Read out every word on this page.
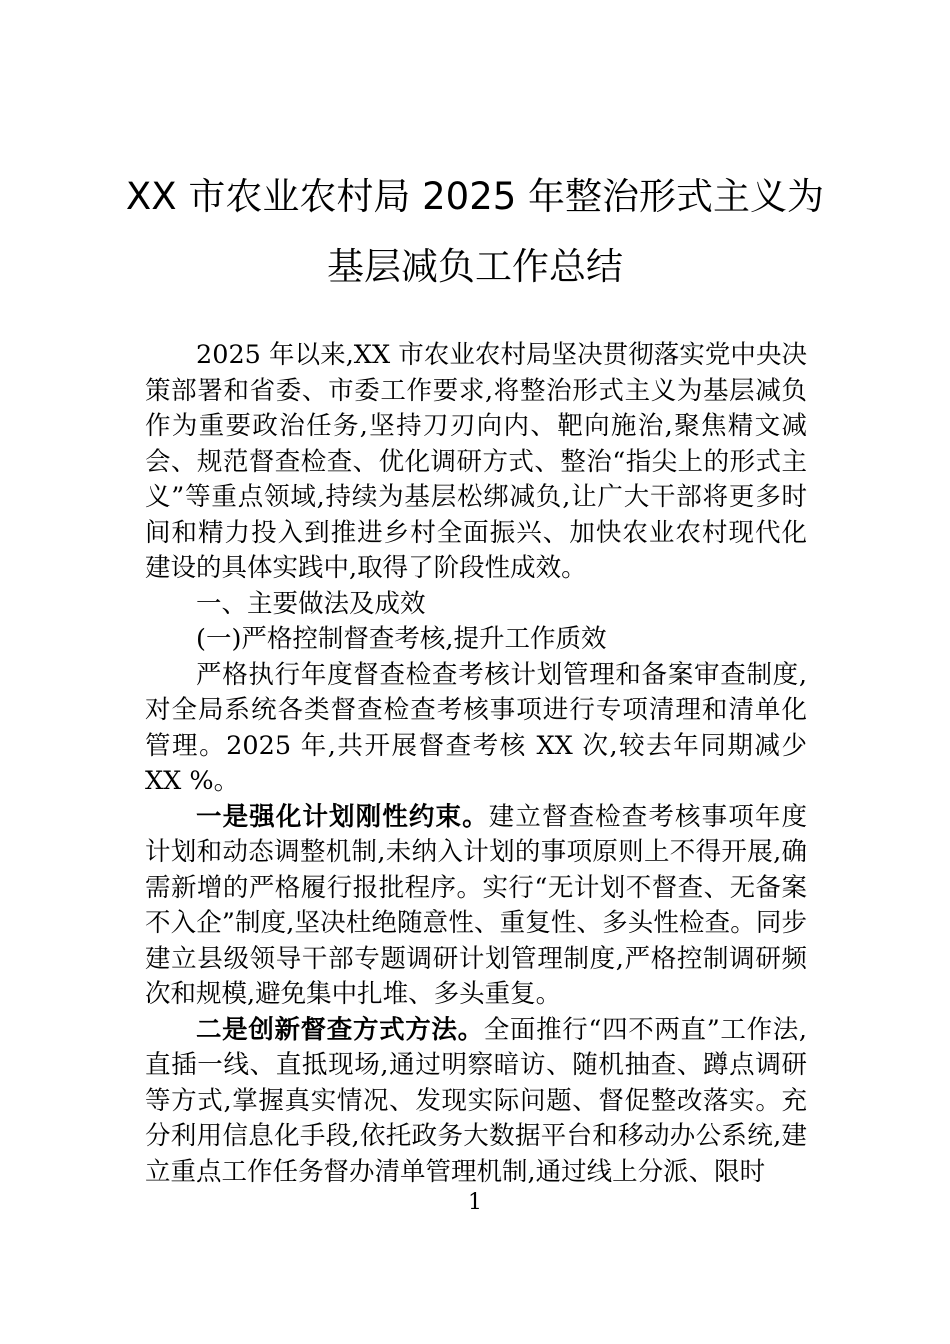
XX 市农业农村局 2025 年整治形式主义为
基层减负工作总结

2025 年以来,XX 市农业农村局坚决贯彻落实党中央决策部署和省委、市委工作要求,将整治形式主义为基层减负作为重要政治任务,坚持刀刃向内、靶向施治,聚焦精文减会、规范督查检查、优化调研方式、整治“指尖上的形式主义”等重点领域,持续为基层松绑减负,让广大干部将更多时间和精力投入到推进乡村全面振兴、加快农业农村现代化建设的具体实践中,取得了阶段性成效。

一、主要做法及成效

(一)严格控制督查考核,提升工作质效

严格执行年度督查检查考核计划管理和备案审查制度,对全局系统各类督查检查考核事项进行专项清理和清单化管理。2025 年,共开展督查考核 XX 次,较去年同期减少 XX %。

一是强化计划刚性约束。建立督查检查考核事项年度计划和动态调整机制,未纳入计划的事项原则上不得开展,确需新增的严格履行报批程序。实行“无计划不督查、无备案不入企”制度,坚决杜绝随意性、重复性、多头性检查。同步建立县级领导干部专题调研计划管理制度,严格控制调研频次和规模,避免集中扎堆、多头重复。

二是创新督查方式方法。全面推行“四不两直”工作法,直插一线、直抵现场,通过明察暗访、随机抽查、蹲点调研等方式,掌握真实情况、发现实际问题、督促整改落实。充分利用信息化手段,依托政务大数据平台和移动办公系统,建立重点工作任务督办清单管理机制,通过线上分派、限时

1
